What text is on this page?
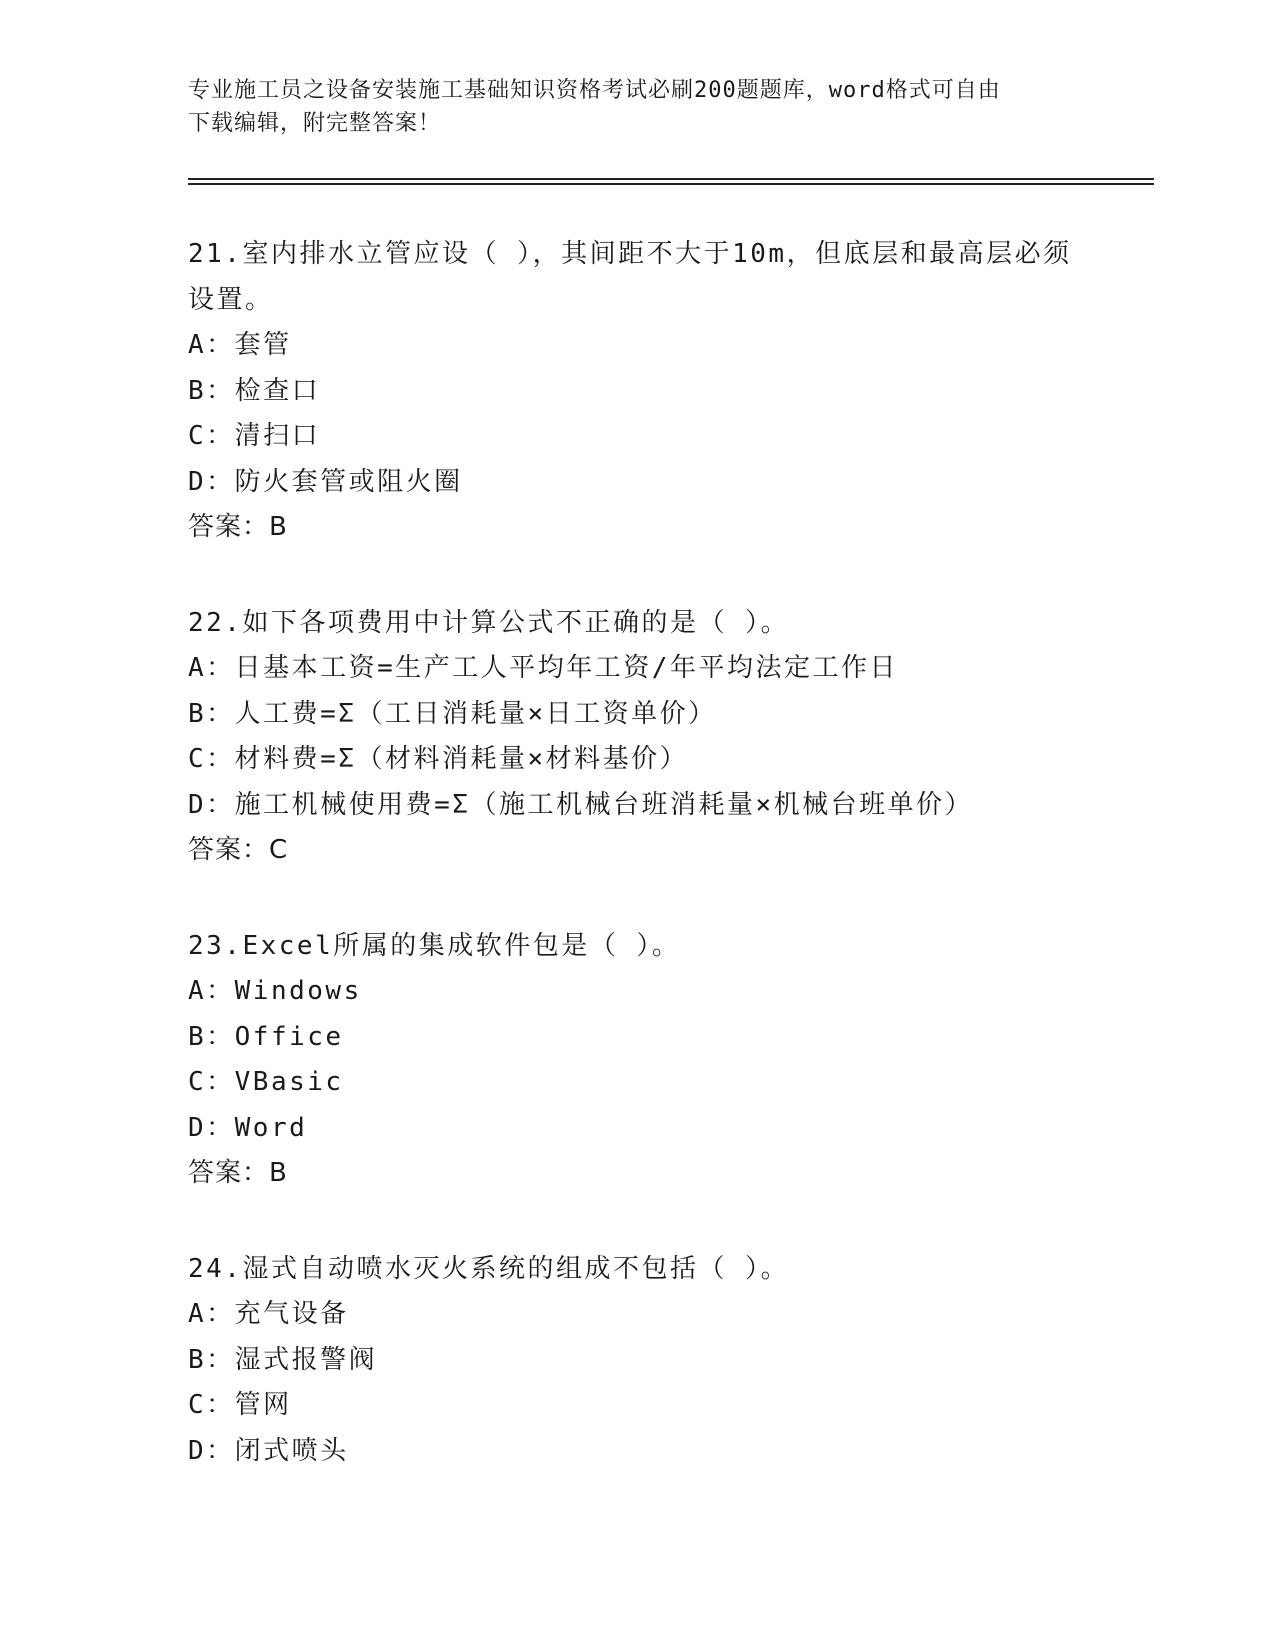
专业施工员之设备安装施工基础知识资格考试必刷200题题库，word格式可自由
下载编辑，附完整答案！
21.室内排水立管应设（ ），其间距不大于10m，但底层和最高层必须
设置。
A：套管
B：检查口
C：清扫口
D：防火套管或阻火圈
答案：B
22.如下各项费用中计算公式不正确的是（ ）。
A：日基本工资=生产工人平均年工资/年平均法定工作日
B：人工费=Σ（工日消耗量×日工资单价）
C：材料费=Σ（材料消耗量×材料基价）
D：施工机械使用费=Σ（施工机械台班消耗量×机械台班单价）
答案：C
23.Excel所属的集成软件包是（ ）。
A：Windows
B：Office
C：VBasic
D：Word
答案：B
24.湿式自动喷水灭火系统的组成不包括（ ）。
A：充气设备
B：湿式报警阀
C：管网
D：闭式喷头
